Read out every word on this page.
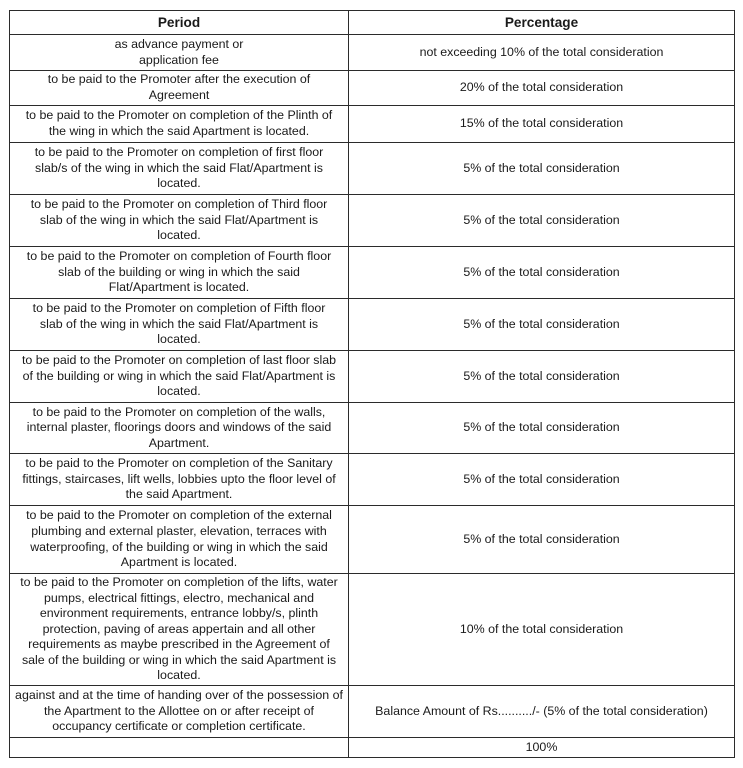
Period	Percentage
as advance payment or application fee	not exceeding 10% of the total consideration
to be paid to the Promoter after the execution of Agreement	20% of the total consideration
to be paid to the Promoter on completion of the Plinth of the wing in which the said Apartment is located.	15% of the total consideration
to be paid to the Promoter on completion of first floor slab/s of the wing in which the said Flat/Apartment is located.	5% of the total consideration
to be paid to the Promoter on completion of Third floor slab of the wing in which the said Flat/Apartment is located.	5% of the total consideration
to be paid to the Promoter on completion of Fourth floor slab of the building or wing in which the said Flat/Apartment is located.	5% of the total consideration
to be paid to the Promoter on completion of Fifth floor slab of the wing in which the said Flat/Apartment is located.	5% of the total consideration
to be paid to the Promoter on completion of last floor slab of the building or wing in which the said Flat/Apartment is located.	5% of the total consideration
to be paid to the Promoter on completion of the walls, internal plaster, floorings doors and windows of the said Apartment.	5% of the total consideration
to be paid to the Promoter on completion of the Sanitary fittings, staircases, lift wells, lobbies upto the floor level of the said Apartment.	5% of the total consideration
to be paid to the Promoter on completion of the external plumbing and external plaster, elevation, terraces with waterproofing, of the building or wing in which the said Apartment is located.	5% of the total consideration
to be paid to the Promoter on completion of the lifts, water pumps, electrical fittings, electro, mechanical and environment requirements, entrance lobby/s, plinth protection, paving of areas appertain and all other requirements as maybe prescribed in the Agreement of sale of the building or wing in which the said Apartment is located.	10% of the total consideration
against and at the time of handing over of the possession of the Apartment to the Allottee on or after receipt of occupancy certificate or completion certificate.	Balance Amount of Rs........../- (5% of the total consideration)
	100%
